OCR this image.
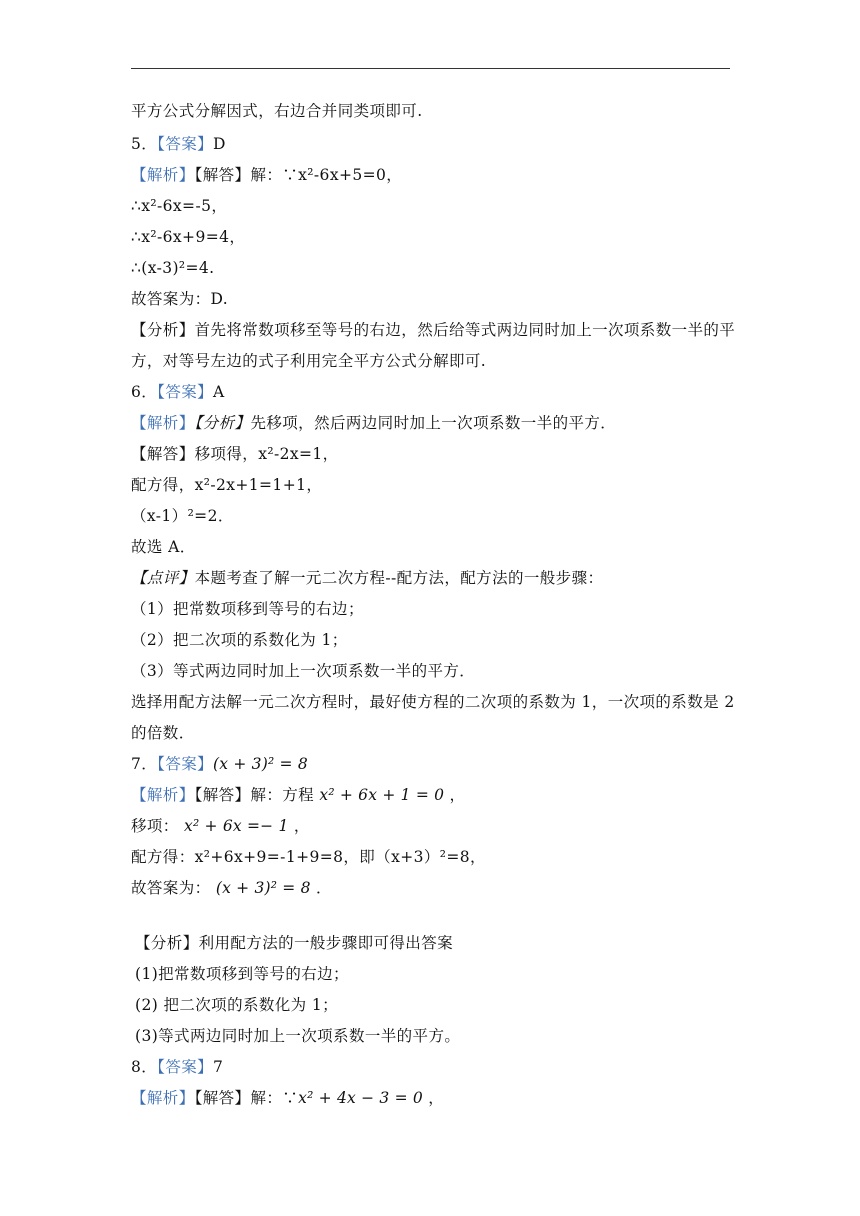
平方公式分解因式，右边合并同类项即可.
5．【答案】D
【解析】【解答】解：∵x²-6x+5=0，
∴x²-6x=-5，
∴x²-6x+9=4，
∴(x-3)²=4.
故答案为：D.
【分析】首先将常数项移至等号的右边，然后给等式两边同时加上一次项系数一半的平
方，对等号左边的式子利用完全平方公式分解即可.
6．【答案】A
【解析】【分析】先移项，然后两边同时加上一次项系数一半的平方．
【解答】移项得，x²-2x=1，
配方得，x²-2x+1=1+1，
（x-1）²=2．
故选 A．
【点评】本题考查了解一元二次方程--配方法，配方法的一般步骤：
（1）把常数项移到等号的右边；
（2）把二次项的系数化为 1；
（3）等式两边同时加上一次项系数一半的平方．
选择用配方法解一元二次方程时，最好使方程的二次项的系数为 1，一次项的系数是 2
的倍数．
7．【答案】(x + 3)² = 8
【解析】【解答】解：方程 x² + 6x + 1 = 0 ，
移项： x² + 6x =− 1 ，
配方得：x²+6x+9=-1+9=8，即（x+3）²=8，
故答案为： (x + 3)² = 8 ．
【分析】利用配方法的一般步骤即可得出答案
(1)把常数项移到等号的右边；
(2) 把二次项的系数化为 1；
(3)等式两边同时加上一次项系数一半的平方。
8．【答案】7
【解析】【解答】解：∵x² + 4x − 3 = 0 ，
